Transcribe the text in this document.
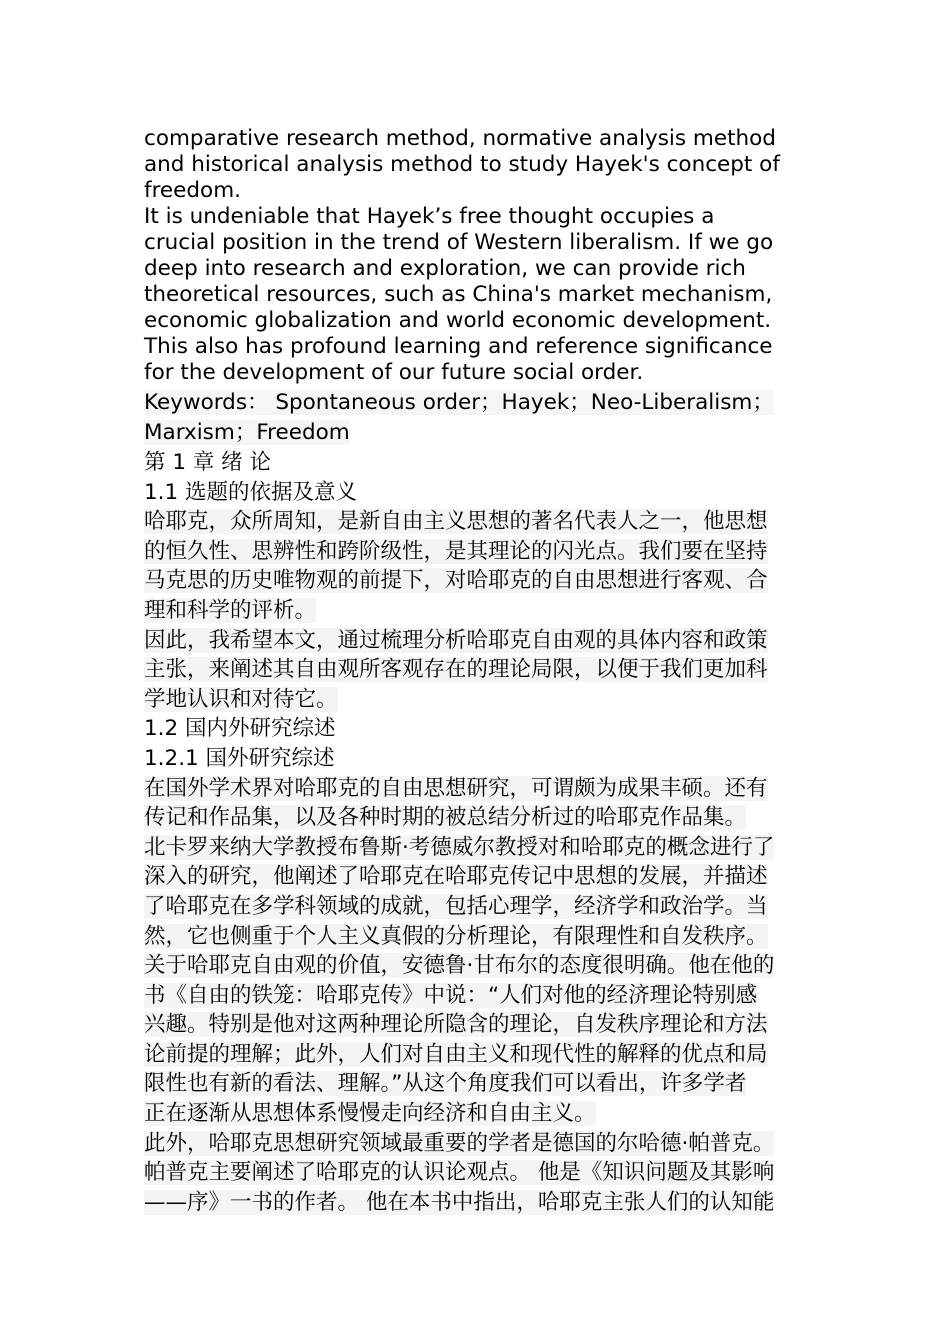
comparative research method, normative analysis method
and historical analysis method to study Hayek's concept of
freedom.

It is undeniable that Hayek’s free thought occupies a
crucial position in the trend of Western liberalism. If we go
deep into research and exploration, we can provide rich
theoretical resources, such as China's market mechanism,
economic globalization and world economic development.
This also has profound learning and reference significance
for the development of our future social order.

Keywords： Spontaneous order；Hayek；Neo-Liberalism；
Marxism；Freedom

第 1 章 绪 论

1.1 选题的依据及意义

哈耶克，众所周知，是新自由主义思想的著名代表人之一，他思想
的恒久性、思辨性和跨阶级性，是其理论的闪光点。我们要在坚持
马克思的历史唯物观的前提下，对哈耶克的自由思想进行客观、合
理和科学的评析。

因此，我希望本文，通过梳理分析哈耶克自由观的具体内容和政策
主张，来阐述其自由观所客观存在的理论局限，以便于我们更加科
学地认识和对待它。

1.2 国内外研究综述

1.2.1 国外研究综述

在国外学术界对哈耶克的自由思想研究，可谓颇为成果丰硕。还有
传记和作品集，以及各种时期的被总结分析过的哈耶克作品集。

北卡罗来纳大学教授布鲁斯·考德威尔教授对和哈耶克的概念进行了
深入的研究，他阐述了哈耶克在哈耶克传记中思想的发展，并描述
了哈耶克在多学科领域的成就，包括心理学，经济学和政治学。当
然，它也侧重于个人主义真假的分析理论，有限理性和自发秩序。

关于哈耶克自由观的价值，安德鲁·甘布尔的态度很明确。他在他的
书《自由的铁笼：哈耶克传》中说：“人们对他的经济理论特别感
兴趣。特别是他对这两种理论所隐含的理论，自发秩序理论和方法
论前提的理解；此外，人们对自由主义和现代性的解释的优点和局
限性也有新的看法、理解。”从这个角度我们可以看出，许多学者
正在逐渐从思想体系慢慢走向经济和自由主义。

此外，哈耶克思想研究领域最重要的学者是德国的尔哈德·帕普克。
帕普克主要阐述了哈耶克的认识论观点。 他是《知识问题及其影响
——序》一书的作者。 他在本书中指出，哈耶克主张人们的认知能
